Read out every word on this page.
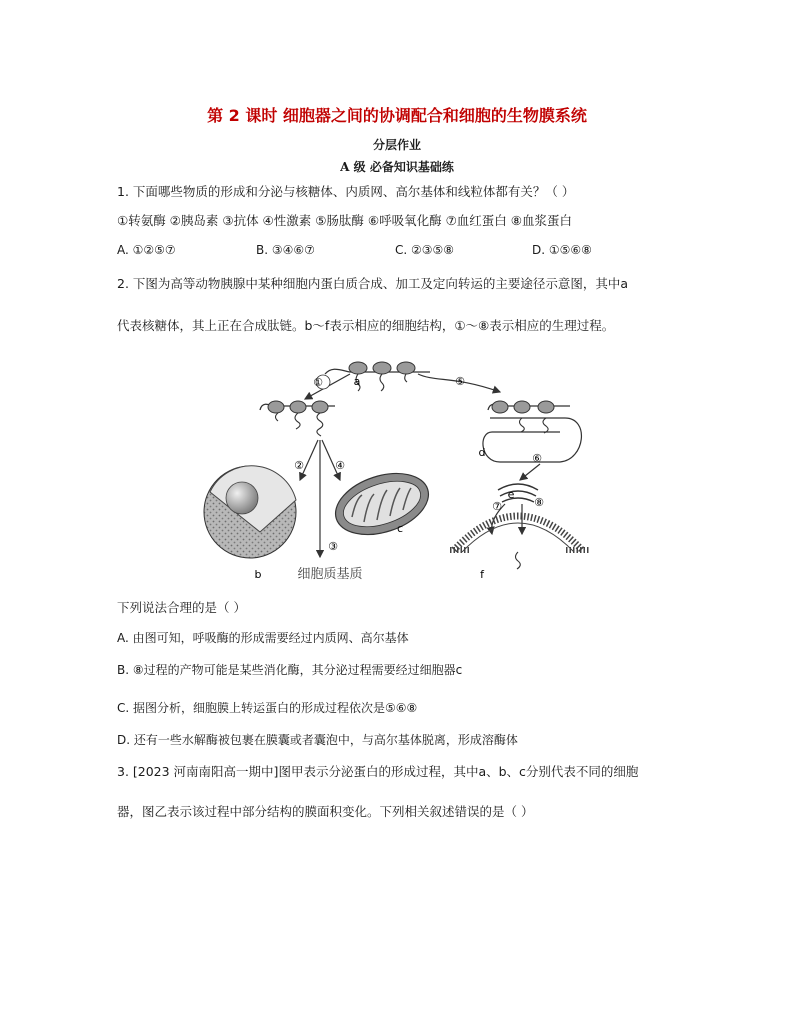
第 2 课时 细胞器之间的协调配合和细胞的生物膜系统
分层作业
A 级 必备知识基础练
1. 下面哪些物质的形成和分泌与核糖体、内质网、高尔基体和线粒体都有关？（ ）
①转氨酶 ②胰岛素 ③抗体 ④性激素 ⑤肠肽酶 ⑥呼吸氧化酶 ⑦血红蛋白 ⑧血浆蛋白
A. ①②⑤⑦	B. ③④⑥⑦	C. ②③⑤⑧	D. ①⑤⑥⑧
2. 下图为高等动物胰腺中某种细胞内蛋白质合成、加工及定向转运的主要途径示意图，其中a
代表核糖体，其上正在合成肽链。b～f表示相应的细胞结构，①～⑧表示相应的生理过程。
①
②	④
③
⑤
⑥
⑦	⑧
a
b
c
d
e
f
细胞质基质
下列说法合理的是（ ）
A. 由图可知，呼吸酶的形成需要经过内质网、高尔基体
B. ⑧过程的产物可能是某些消化酶，其分泌过程需要经过细胞器c
C. 据图分析，细胞膜上转运蛋白的形成过程依次是⑤⑥⑧
D. 还有一些水解酶被包裹在膜囊或者囊泡中，与高尔基体脱离，形成溶酶体
3. [2023 河南南阳高一期中]图甲表示分泌蛋白的形成过程，其中a、b、c分别代表不同的细胞
器，图乙表示该过程中部分结构的膜面积变化。下列相关叙述错误的是（ ）
